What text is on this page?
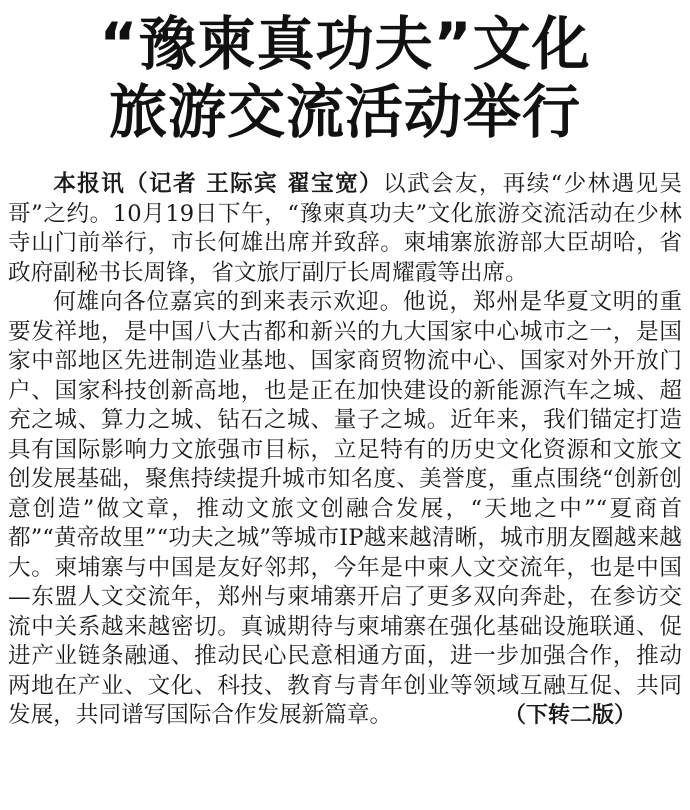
“豫柬真功夫”文化
旅游交流活动举行

本报讯（记者 王际宾 翟宝宽）以武会友，再续“少林遇见吴哥”之约。10月19日下午，“豫柬真功夫”文化旅游交流活动在少林寺山门前举行，市长何雄出席并致辞。柬埔寨旅游部大臣胡哈，省政府副秘书长周锋，省文旅厅副厅长周耀霞等出席。

何雄向各位嘉宾的到来表示欢迎。他说，郑州是华夏文明的重要发祥地，是中国八大古都和新兴的九大国家中心城市之一，是国家中部地区先进制造业基地、国家商贸物流中心、国家对外开放门户、国家科技创新高地，也是正在加快建设的新能源汽车之城、超充之城、算力之城、钻石之城、量子之城。近年来，我们锚定打造具有国际影响力文旅强市目标，立足特有的历史文化资源和文旅文创发展基础，聚焦持续提升城市知名度、美誉度，重点围绕“创新创意创造”做文章，推动文旅文创融合发展，“天地之中”“夏商首都”“黄帝故里”“功夫之城”等城市IP越来越清晰，城市朋友圈越来越大。柬埔寨与中国是友好邻邦，今年是中柬人文交流年，也是中国—东盟人文交流年，郑州与柬埔寨开启了更多双向奔赴，在参访交流中关系越来越密切。真诚期待与柬埔寨在强化基础设施联通、促进产业链条融通、推动民心民意相通方面，进一步加强合作，推动两地在产业、文化、科技、教育与青年创业等领域互融互促、共同发展，共同谱写国际合作发展新篇章。	（下转二版）
